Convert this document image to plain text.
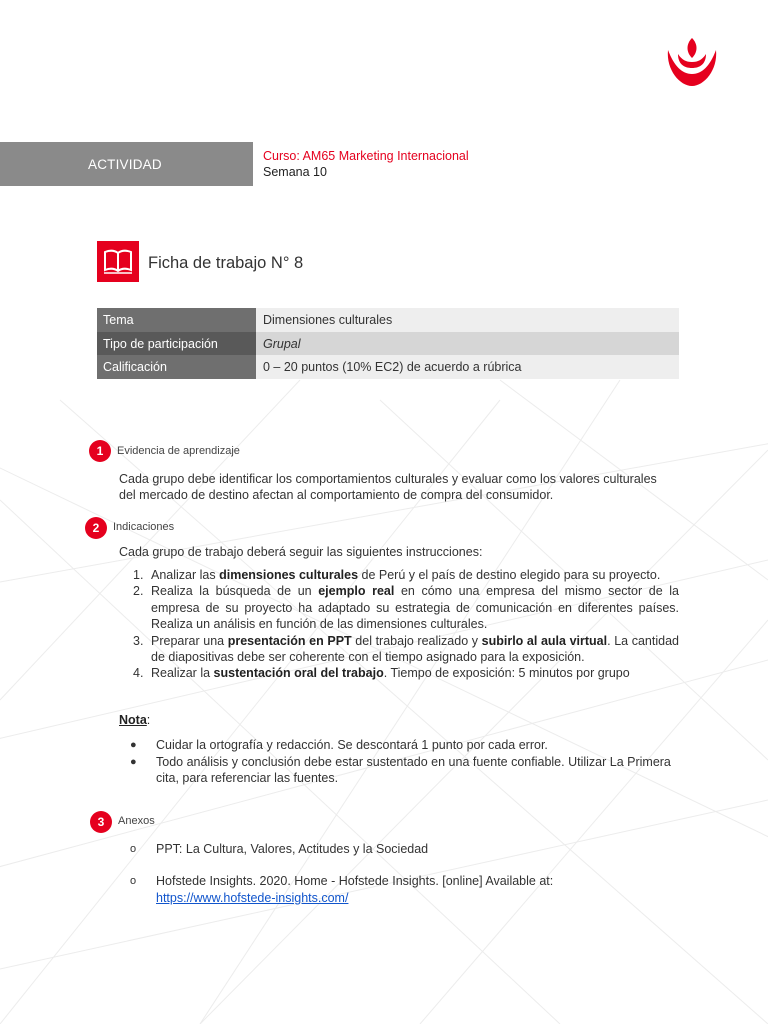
ACTIVIDAD
Curso: AM65 Marketing Internacional
Semana 10
Ficha de trabajo N° 8
Tema	Dimensiones culturales
Tipo de participación	Grupal
Calificación	0 – 20 puntos (10% EC2) de acuerdo a rúbrica
1	Evidencia de aprendizaje
Cada grupo debe identificar los comportamientos culturales y evaluar como los valores culturales
del mercado de destino afectan al comportamiento de compra del consumidor.
2	Indicaciones
Cada grupo de trabajo deberá seguir las siguientes instrucciones:
1. Analizar las dimensiones culturales de Perú y el país de destino elegido para su proyecto.
2. Realiza la búsqueda de un ejemplo real en cómo una empresa del mismo sector de la empresa de su proyecto ha adaptado su estrategia de comunicación en diferentes países. Realiza un análisis en función de las dimensiones culturales.
3. Preparar una presentación en PPT del trabajo realizado y subirlo al aula virtual. La cantidad de diapositivas debe ser coherente con el tiempo asignado para la exposición.
4. Realizar la sustentación oral del trabajo. Tiempo de exposición: 5 minutos por grupo
Nota:
●	Cuidar la ortografía y redacción. Se descontará 1 punto por cada error.
●	Todo análisis y conclusión debe estar sustentado en una fuente confiable. Utilizar La Primera cita, para referenciar las fuentes.
3	Anexos
o	PPT: La Cultura, Valores, Actitudes y la Sociedad
o	Hofstede Insights. 2020. Home - Hofstede Insights. [online] Available at:
https://www.hofstede-insights.com/
